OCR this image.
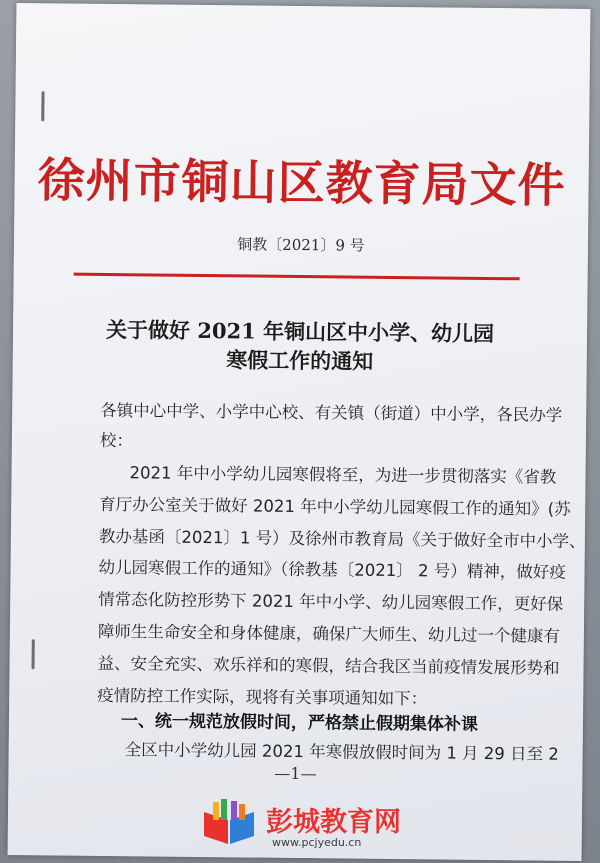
徐州市铜山区教育局文件
铜教〔2021〕9 号
关于做好 2021 年铜山区中小学、幼儿园
寒假工作的通知
各镇中心中学、小学中心校、有关镇（街道）中小学，各民办学
校：
2021 年中小学幼儿园寒假将至，为进一步贯彻落实《省教
育厅办公室关于做好 2021 年中小学幼儿园寒假工作的通知》(苏
教办基函〔2021〕1 号）及徐州市教育局《关于做好全市中小学、
幼儿园寒假工作的通知》（徐教基〔2021〕 2 号）精神，做好疫
情常态化防控形势下 2021 年中小学、幼儿园寒假工作，更好保
障师生生命安全和身体健康，确保广大师生、幼儿过一个健康有
益、安全充实、欢乐祥和的寒假，结合我区当前疫情发展形势和
疫情防控工作实际，现将有关事项通知如下：
一、统一规范放假时间，严格禁止假期集体补课
全区中小学幼儿园 2021 年寒假放假时间为 1 月 29 日至 2
—1—
彭城教育网
www.pcjyedu.cn
